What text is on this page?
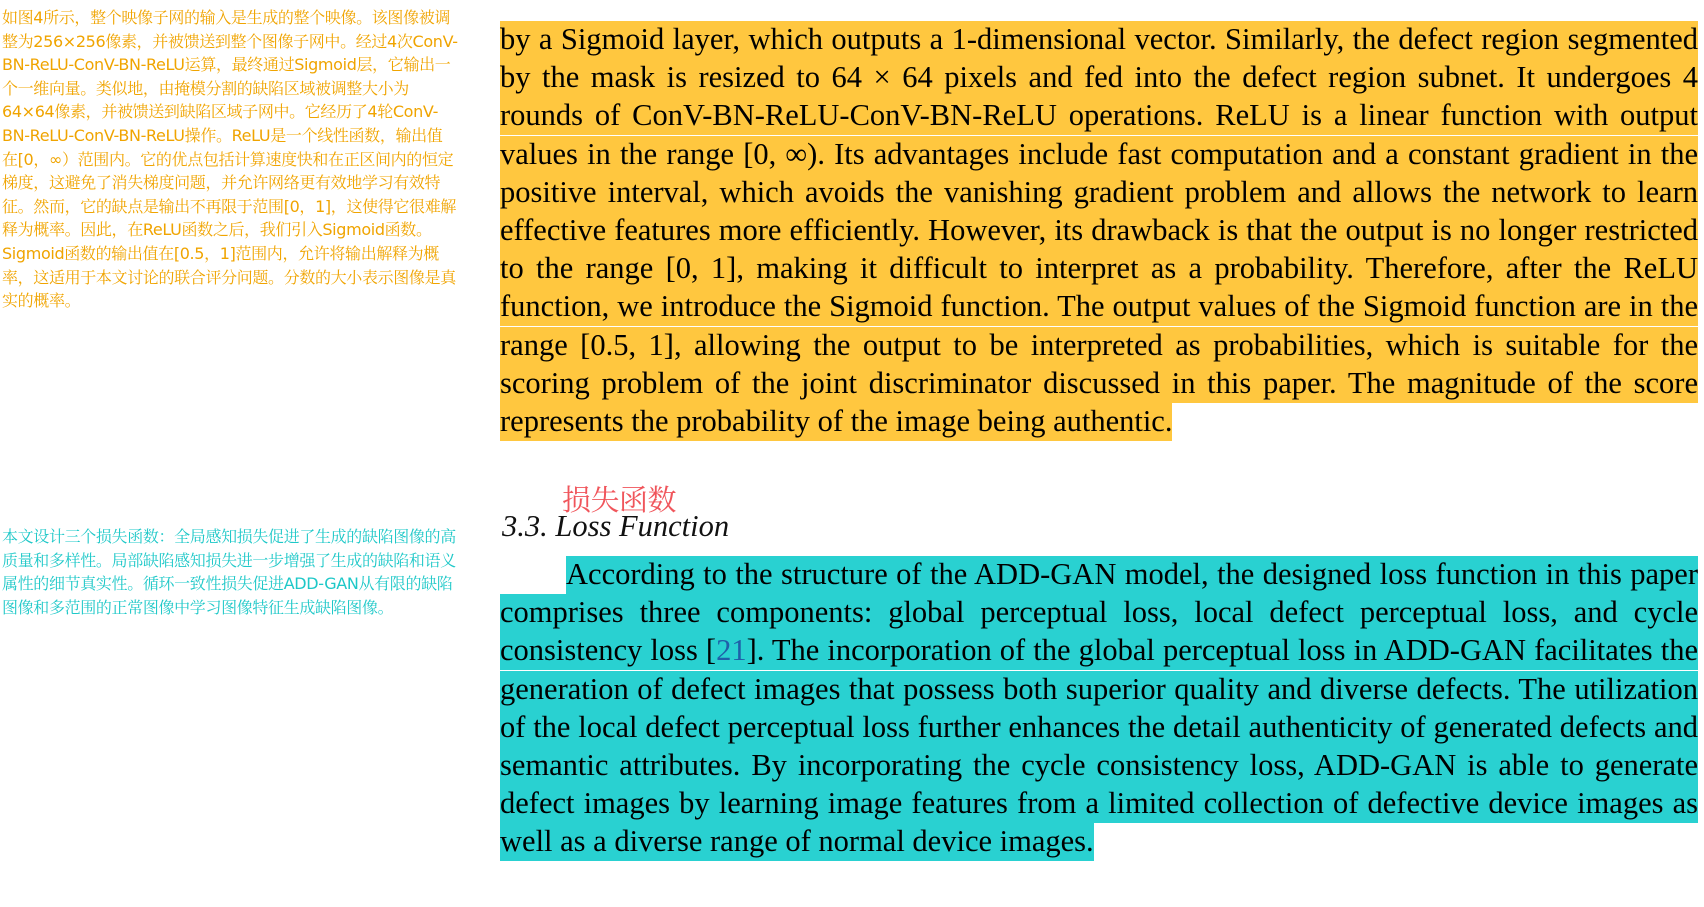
如图4所示，整个映像子网的输入是生成的整个映像。该图像被调整为256×256像素，并被馈送到整个图像子网中。经过4次ConV-BN-ReLU-ConV-BN-ReLU运算，最终通过Sigmoid层，它输出一个一维向量。类似地，由掩模分割的缺陷区域被调整大小为64×64像素，并被馈送到缺陷区域子网中。它经历了4轮ConV-BN-ReLU-ConV-BN-ReLU操作。ReLU是一个线性函数，输出值在[0，∞）范围内。它的优点包括计算速度快和在正区间内的恒定梯度，这避免了消失梯度问题，并允许网络更有效地学习有效特征。然而，它的缺点是输出不再限于范围[0，1]，这使得它很难解释为概率。因此，在ReLU函数之后，我们引入Sigmoid函数。Sigmoid函数的输出值在[0.5，1]范围内，允许将输出解释为概率，这适用于本文讨论的联合评分问题。分数的大小表示图像是真实的概率。

by a Sigmoid layer, which outputs a 1-dimensional vector. Similarly, the defect region segmented by the mask is resized to 64 × 64 pixels and fed into the defect region subnet. It undergoes 4 rounds of ConV-BN-ReLU-ConV-BN-ReLU operations. ReLU is a linear function with output values in the range [0, ∞). Its advantages include fast computation and a constant gradient in the positive interval, which avoids the vanishing gradient problem and allows the network to learn effective features more efficiently. However, its drawback is that the output is no longer restricted to the range [0, 1], making it difficult to interpret as a probability. Therefore, after the ReLU function, we introduce the Sigmoid function. The output values of the Sigmoid function are in the range [0.5, 1], allowing the output to be interpreted as probabilities, which is suitable for the scoring problem of the joint discriminator discussed in this paper. The magnitude of the score represents the probability of the image being authentic.

损失函数
3.3. Loss Function

本文设计三个损失函数：全局感知损失促进了生成的缺陷图像的高质量和多样性。局部缺陷感知损失进一步增强了生成的缺陷和语义属性的细节真实性。循环一致性损失促进ADD-GAN从有限的缺陷图像和多范围的正常图像中学习图像特征生成缺陷图像。

According to the structure of the ADD-GAN model, the designed loss function in this paper comprises three components: global perceptual loss, local defect perceptual loss, and cycle consistency loss [21]. The incorporation of the global perceptual loss in ADD-GAN facilitates the generation of defect images that possess both superior quality and diverse defects. The utilization of the local defect perceptual loss further enhances the detail authenticity of generated defects and semantic attributes. By incorporating the cycle consistency loss, ADD-GAN is able to generate defect images by learning image features from a limited collection of defective device images as well as a diverse range of normal device images.
